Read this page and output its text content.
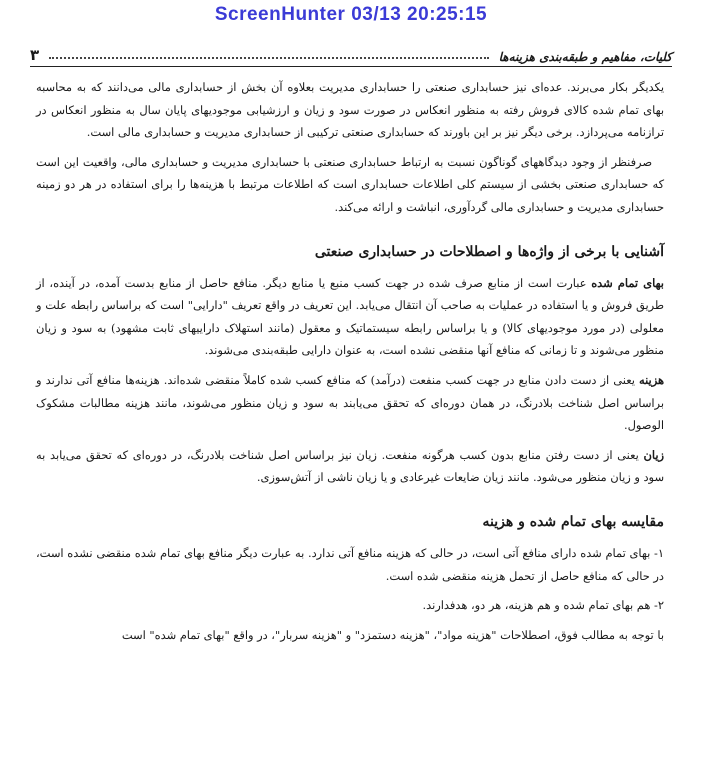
ScreenHunter 03/13 20:25:15
کلیات، مفاهیم و طبقه‌بندی هزینه‌ها
۳

یکدیگر بکار می‌برند. عده‌ای نیز حسابداری صنعتی را حسابداری مدیریت بعلاوه آن بخش از حسابداری مالی می‌دانند که به محاسبه بهای تمام شده کالای فروش رفته به منظور انعکاس در صورت سود و زیان و ارزشیابی موجودیهای پایان سال به منظور انعکاس در ترازنامه می‌پردازد. برخی دیگر نیز بر این باورند که حسابداری صنعتی ترکیبی از حسابداری مدیریت و حسابداری مالی است.

صرفنظر از وجود دیدگاههای گوناگون نسبت به ارتباط حسابداری صنعتی با حسابداری مدیریت و حسابداری مالی، واقعیت این است که حسابداری صنعتی بخشی از سیستم کلی اطلاعات حسابداری است که اطلاعات مرتبط با هزینه‌ها را برای استفاده در هر دو زمینه حسابداری مدیریت و حسابداری مالی گردآوری، انباشت و ارائه می‌کند.

آشنایی با برخی از واژه‌ها و اصطلاحات در حسابداری صنعتی

بهای تمام شده عبارت است از منابع صرف شده در جهت کسب منبع یا منابع دیگر. منافع حاصل از منابع بدست آمده، در آینده، از طریق فروش و یا استفاده در عملیات به صاحب آن انتقال می‌یابد. این تعریف در واقع تعریف "دارایی" است که براساس رابطه علت و معلولی (در مورد موجودیهای کالا) و یا براساس رابطه سیستماتیک و معقول (مانند استهلاک داراییهای ثابت مشهود) به سود و زیان منظور می‌شوند و تا زمانی که منافع آنها منقضی نشده است، به عنوان دارایی طبقه‌بندی می‌شوند.

هزینه یعنی از دست دادن منابع در جهت کسب منفعت (درآمد) که منافع کسب شده کاملاً منقضی شده‌اند. هزینه‌ها منافع آتی ندارند و براساس اصل شناخت بلادرنگ، در همان دوره‌ای که تحقق می‌یابند به سود و زیان منظور می‌شوند، مانند هزینه مطالبات مشکوک الوصول.

زیان یعنی از دست رفتن منابع بدون کسب هرگونه منفعت. زیان نیز براساس اصل شناخت بلادرنگ، در دوره‌ای که تحقق می‌یابد به سود و زیان منظور می‌شود. مانند زیان ضایعات غیرعادی و یا زیان ناشی از آتش‌سوزی.

مقایسه بهای تمام شده و هزینه

۱- بهای تمام شده دارای منافع آتی است، در حالی که هزینه منافع آتی ندارد. به عبارت دیگر منافع بهای تمام شده منقضی نشده است، در حالی که منافع حاصل از تحمل هزینه منقضی شده است.

۲- هم بهای تمام شده و هم هزینه، هر دو، هدفدارند.

با توجه به مطالب فوق، اصطلاحات "هزینه مواد"، "هزینه دستمزد" و "هزینه سربار"، در واقع "بهای تمام شده" است
